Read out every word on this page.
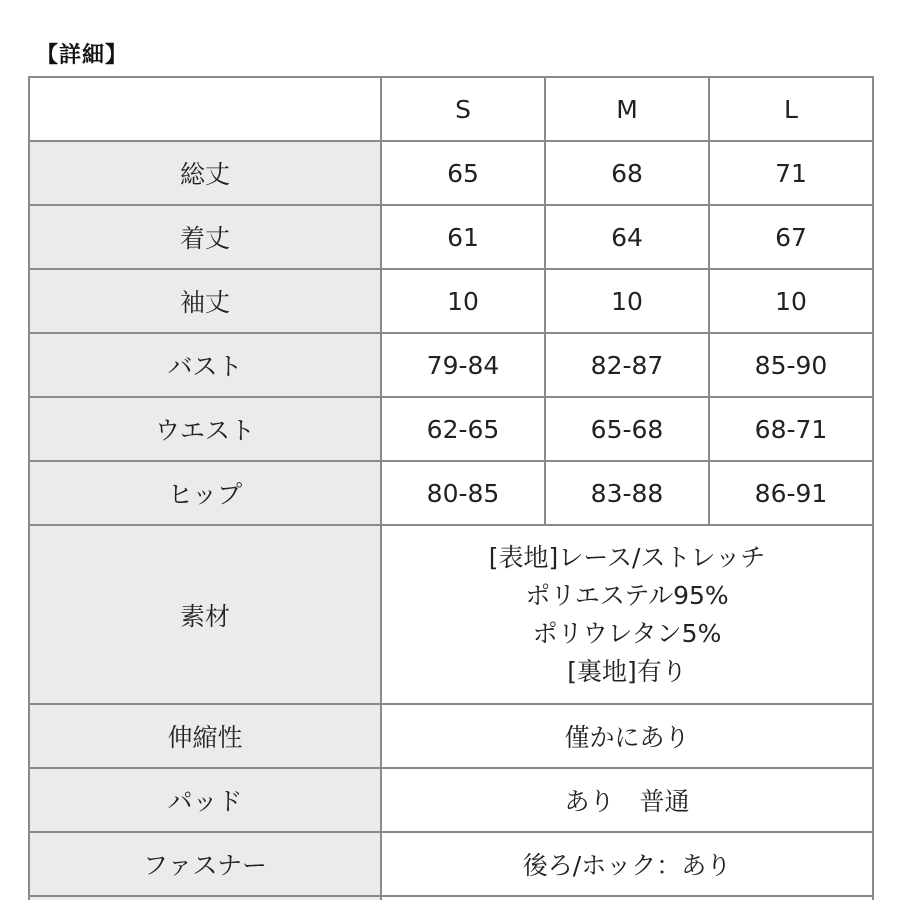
【詳細】
	S	M	L
総丈	65	68	71
着丈	61	64	67
袖丈	10	10	10
バスト	79-84	82-87	85-90
ウエスト	62-65	65-68	68-71
ヒップ	80-85	83-88	86-91
素材	[表地]レース/ストレッチ
ポリエステル95%
ポリウレタン5%
[裏地]有り		

伸縮性	僅かにあり		
パッド	あり　普通		
ファスナー	後ろ/ホック：あり		
